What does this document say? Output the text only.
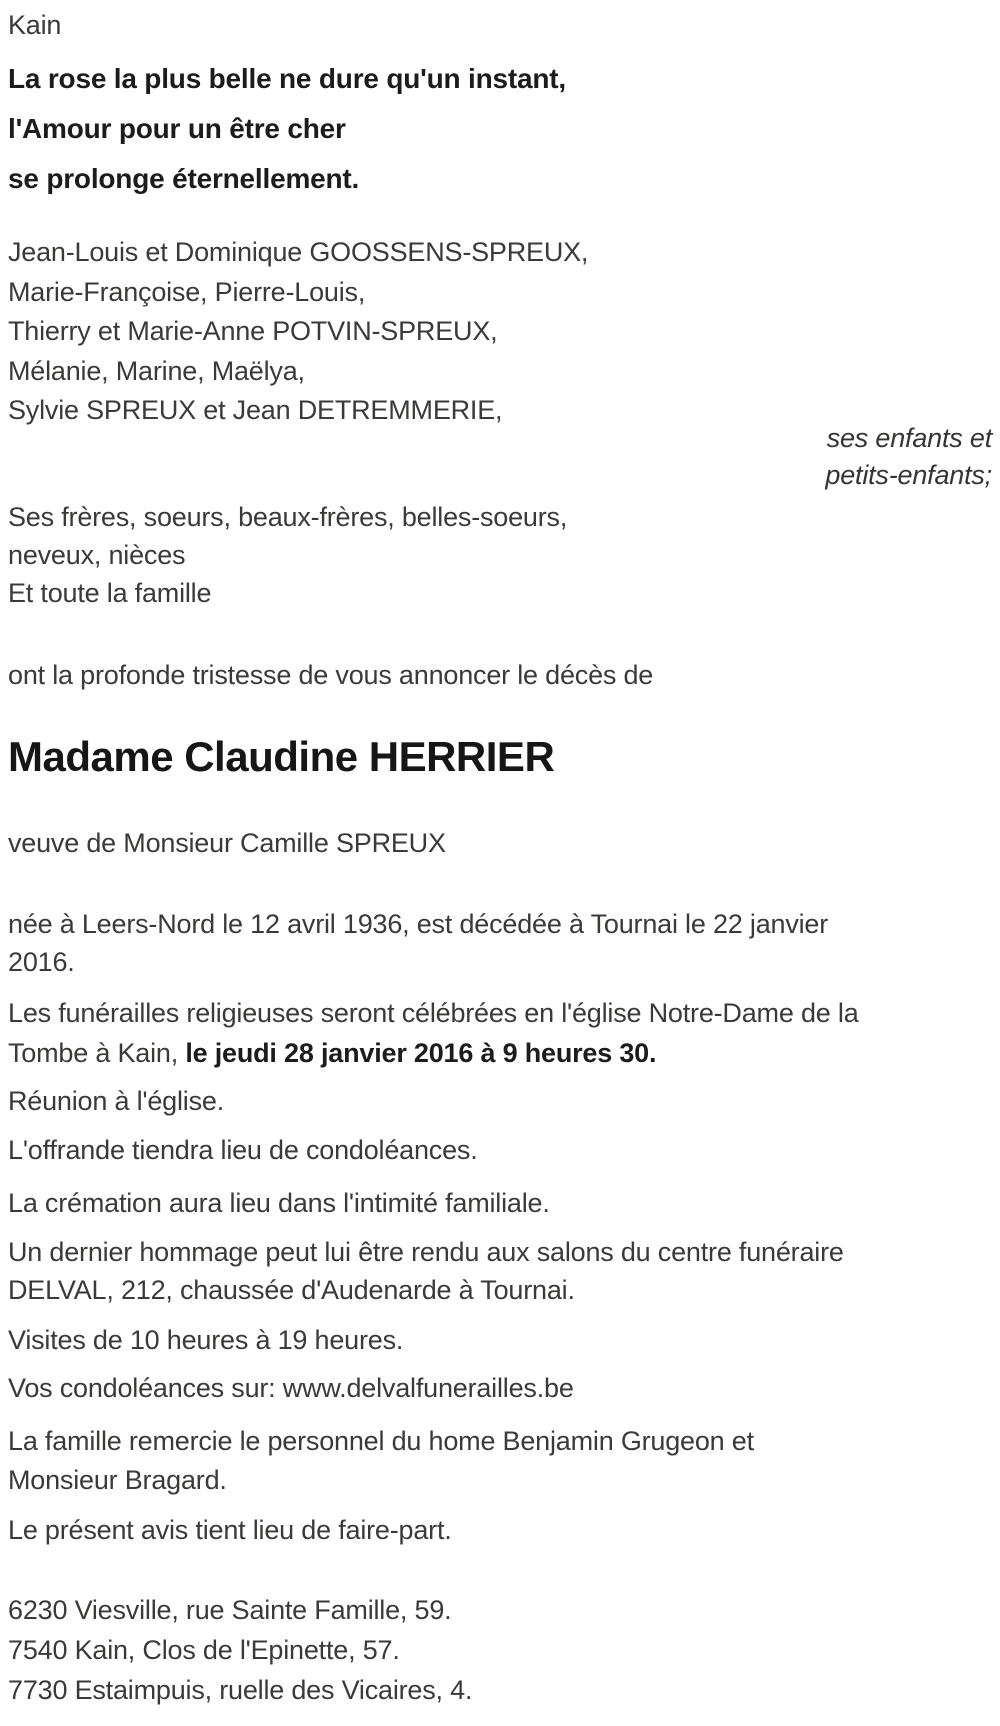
Kain
La rose la plus belle ne dure qu'un instant,
l'Amour pour un être cher
se prolonge éternellement.
Jean-Louis et Dominique GOOSSENS-SPREUX,
Marie-Françoise, Pierre-Louis,
Thierry et Marie-Anne POTVIN-SPREUX,
Mélanie, Marine, Maëlya,
Sylvie SPREUX et Jean DETREMMERIE,
ses enfants et
petits-enfants;
Ses frères, soeurs, beaux-frères, belles-soeurs,
neveux, nièces
Et toute la famille
ont la profonde tristesse de vous annoncer le décès de
Madame Claudine HERRIER
veuve de Monsieur Camille SPREUX
née à Leers-Nord le 12 avril 1936, est décédée à Tournai le 22 janvier
2016.
Les funérailles religieuses seront célébrées en l'église Notre-Dame de la
Tombe à Kain, le jeudi 28 janvier 2016 à 9 heures 30.
Réunion à l'église.
L'offrande tiendra lieu de condoléances.
La crémation aura lieu dans l'intimité familiale.
Un dernier hommage peut lui être rendu aux salons du centre funéraire
DELVAL, 212, chaussée d'Audenarde à Tournai.
Visites de 10 heures à 19 heures.
Vos condoléances sur: www.delvalfunerailles.be
La famille remercie le personnel du home Benjamin Grugeon et
Monsieur Bragard.
Le présent avis tient lieu de faire-part.
6230 Viesville, rue Sainte Famille, 59.
7540 Kain, Clos de l'Epinette, 57.
7730 Estaimpuis, ruelle des Vicaires, 4.
